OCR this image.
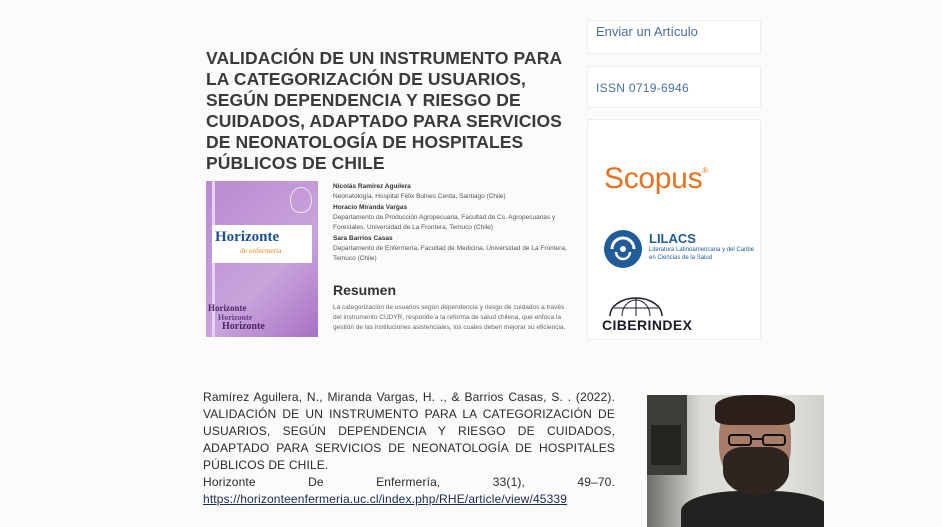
VALIDACIÓN DE UN INSTRUMENTO PARA LA CATEGORIZACIÓN DE USUARIOS, SEGÚN DEPENDENCIA Y RIESGO DE CUIDADOS, ADAPTADO PARA SERVICIOS DE NEONATOLOGÍA DE HOSPITALES PÚBLICOS DE CHILE
Horizonte
de enfermería
Horizonte
Horizonte
Horizonte
Nicolás Ramírez Aguilera
Neonatología, Hospital Félix Bulnes Cerda, Santiago (Chile)
Horacio Miranda Vargas
Departamento de Producción Agropecuaria, Facultad de Cs. Agropecuarias y Forestales, Universidad de La Frontera, Temuco (Chile)
Sara Barrios Casas
Departamento de Enfermería, Facultad de Medicina, Universidad de La Frontera, Temuco (Chile)
Resumen

La categorización de usuarios según dependencia y riesgo de cuidados a través del instrumento CUDYR, responde a la reforma de salud chilena, que enfoca la gestión de las instituciones asistenciales, los cuales deben mejorar su eficiencia,

Enviar un Artículo
ISSN 0719-6946
Scopus®
LILACS
Literatura Latinoamericana y del Caribe en Ciencias de la Salud
CIBERINDEX
Ramírez Aguilera, N., Miranda Vargas, H. ., & Barrios Casas, S. . (2022). VALIDACIÓN DE UN INSTRUMENTO PARA LA CATEGORIZACIÓN DE USUARIOS, SEGÚN DEPENDENCIA Y RIESGO DE CUIDADOS, ADAPTADO PARA SERVICIOS DE NEONATOLOGÍA DE HOSPITALES PÚBLICOS DE CHILE.
Horizonte	De	Enfermería,	33(1),	49–70.
https://horizonteenfermeria.uc.cl/index.php/RHE/article/view/45339
